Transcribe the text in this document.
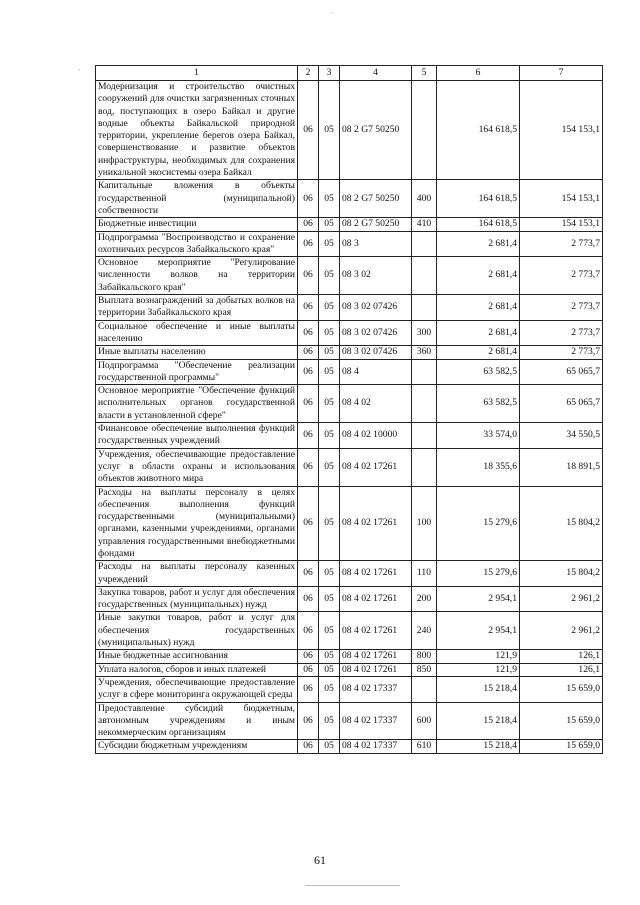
·
·
1	2	3	4	5	6	7
Модернизация и строительство очистных сооружений для очистки загрязненных сточных вод, поступающих в озеро Байкал и другие водные объекты Байкальской природной территории, укрепление берегов озера Байкал, совершенствование и развитие объектов инфраструктуры, необходимых для сохранения уникальной экосистемы озера Байкал	06	05	08 2 G7 50250		164 618,5	154 153,1
Капитальные вложения в объекты государственной (муниципальной) собственности	06	05	08 2 G7 50250	400	164 618,5	154 153,1
Бюджетные инвестиции	06	05	08 2 G7 50250	410	164 618,5	154 153,1
Подпрограмма "Воспроизводство и сохранение охотничьих ресурсов Забайкальского края"	06	05	08 3		2 681,4	2 773,7
Основное мероприятие "Регулирование численности волков на территории Забайкальского края"	06	05	08 3 02		2 681,4	2 773,7
Выплата вознаграждений за добытых волков на территории Забайкальского края	06	05	08 3 02 07426		2 681,4	2 773,7
Социальное обеспечение и иные выплаты населению	06	05	08 3 02 07426	300	2 681,4	2 773,7
Иные выплаты населению	06	05	08 3 02 07426	360	2 681,4	2 773,7
Подпрограмма "Обеспечение реализации государственной программы"	06	05	08 4		63 582,5	65 065,7
Основное мероприятие "Обеспечение функций исполнительных органов государственной власти в установленной сфере"	06	05	08 4 02		63 582,5	65 065,7
Финансовое обеспечение выполнения функций государственных учреждений	06	05	08 4 02 10000		33 574,0	34 550,5
Учреждения, обеспечивающие предоставление услуг в области охраны и использования объектов животного мира	06	05	08 4 02 17261		18 355,6	18 891,5
Расходы на выплаты персоналу в целях обеспечения выполнения функций государственными (муниципальными) органами, казенными учреждениями, органами управления государственными внебюджетными фондами	06	05	08 4 02 17261	100	15 279,6	15 804,2
Расходы на выплаты персоналу казенных учреждений	06	05	08 4 02 17261	110	15 279,6	15 804,2
Закупка товаров, работ и услуг для обеспечения государственных (муниципальных) нужд	06	05	08 4 02 17261	200	2 954,1	2 961,2
Иные закупки товаров, работ и услуг для обеспечения государственных (муниципальных) нужд	06	05	08 4 02 17261	240	2 954,1	2 961,2
Иные бюджетные ассигнования	06	05	08 4 02 17261	800	121,9	126,1
Уплата налогов, сборов и иных платежей	06	05	08 4 02 17261	850	121,9	126,1
Учреждения, обеспечивающие предоставление услуг в сфере мониторинга окружающей среды	06	05	08 4 02 17337		15 218,4	15 659,0
Предоставление субсидий бюджетным, автономным учреждениям и иным некоммерческим организациям	06	05	08 4 02 17337	600	15 218,4	15 659,0
Субсидии бюджетным учреждениям	06	05	08 4 02 17337	610	15 218,4	15 659,0
61
